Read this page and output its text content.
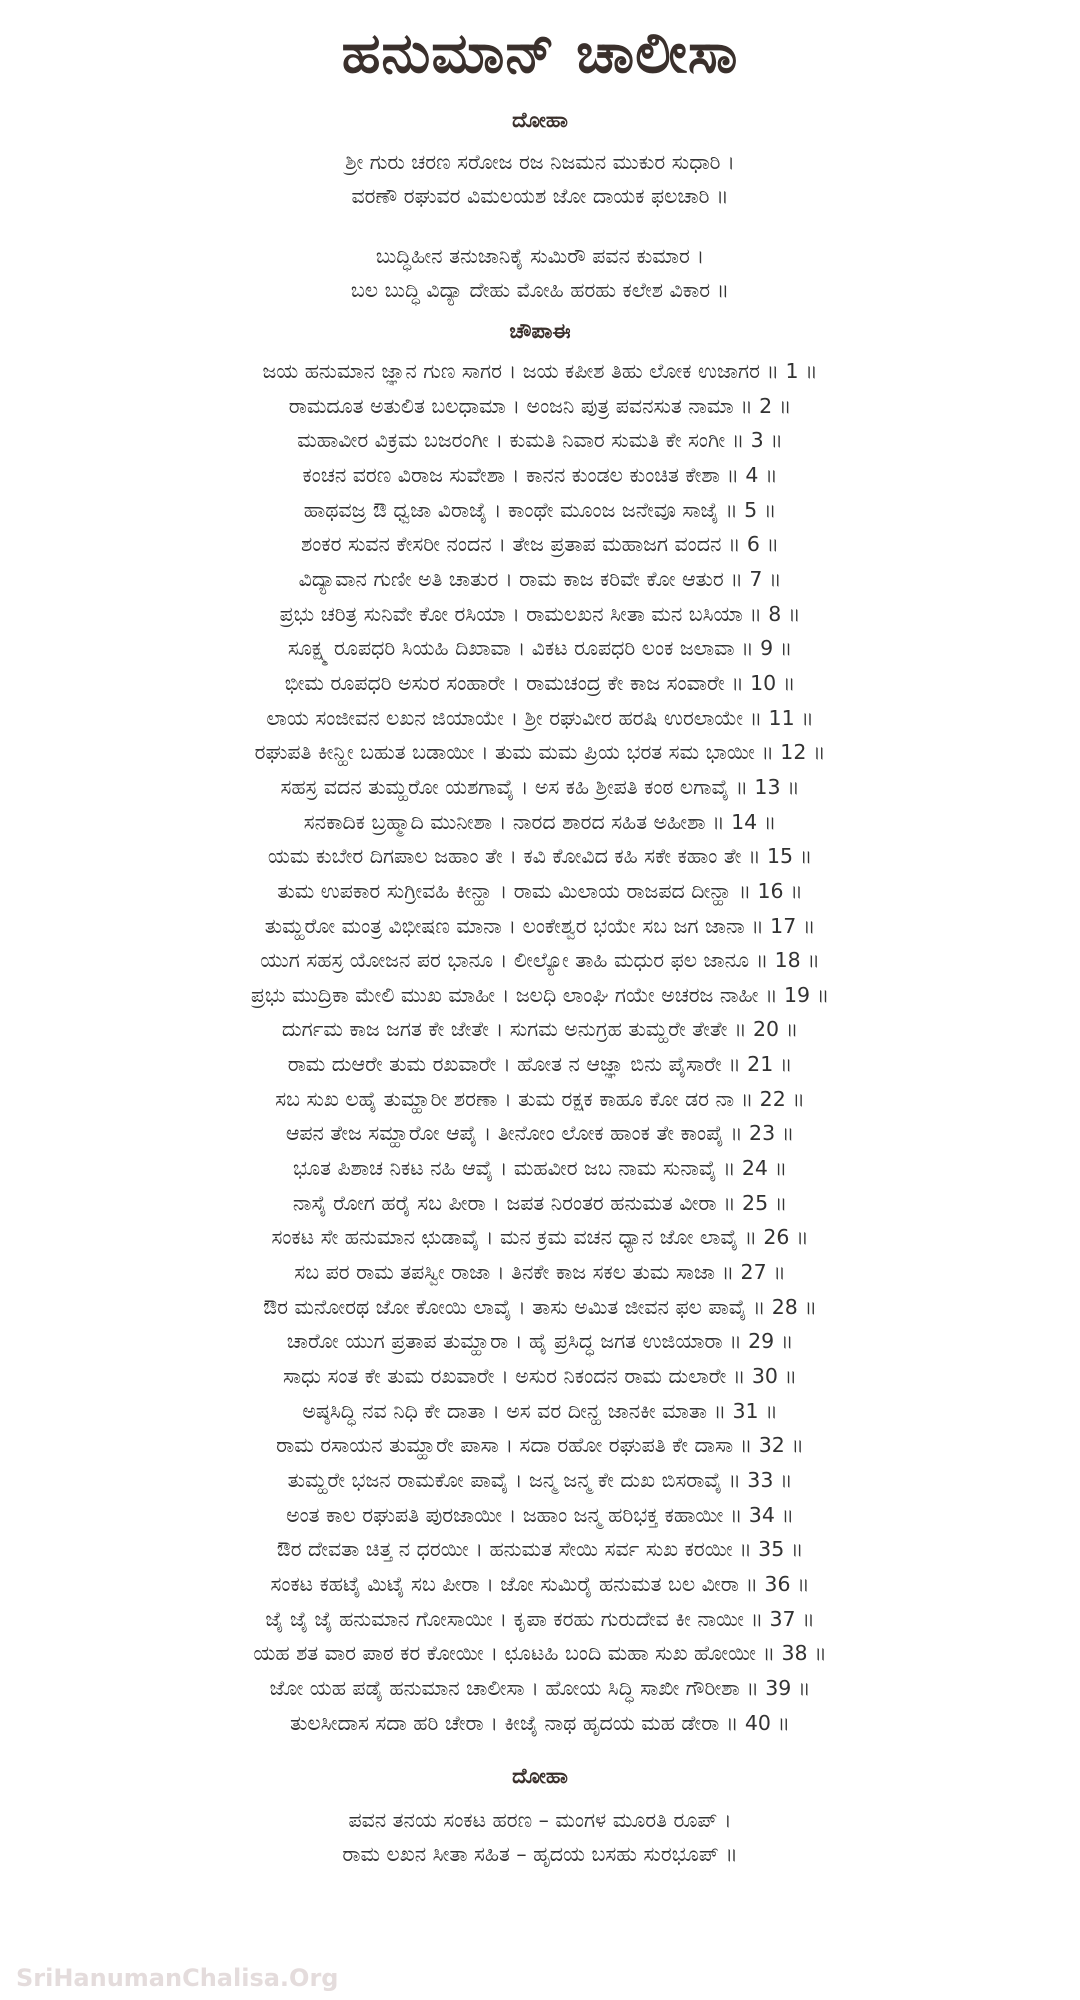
ಹನುಮಾನ್ ಚಾಲೀಸಾ
ದೋಹಾ
ಶ್ರೀ ಗುರು ಚರಣ ಸರೋಜ ರಜ ನಿಜಮನ ಮುಕುರ ಸುಧಾರಿ ।
ವರಣೌ ರಘುವರ ವಿಮಲಯಶ ಜೋ ದಾಯಕ ಫಲಚಾರಿ ॥
ಬುದ್ಧಿಹೀನ ತನುಜಾನಿಕೈ ಸುಮಿರೌ ಪವನ ಕುಮಾರ ।
ಬಲ ಬುದ್ಧಿ ವಿದ್ಯಾ ದೇಹು ಮೋಹಿ ಹರಹು ಕಲೇಶ ವಿಕಾರ ॥
ಚೌಪಾಈ
ಜಯ ಹನುಮಾನ ಜ್ಞಾನ ಗುಣ ಸಾಗರ । ಜಯ ಕಪೀಶ ತಿಹು ಲೋಕ ಉಜಾಗರ ॥ 1 ॥
ರಾಮದೂತ ಅತುಲಿತ ಬಲಧಾಮಾ । ಅಂಜನಿ ಪುತ್ರ ಪವನಸುತ ನಾಮಾ ॥ 2 ॥
ಮಹಾವೀರ ವಿಕ್ರಮ ಬಜರಂಗೀ । ಕುಮತಿ ನಿವಾರ ಸುಮತಿ ಕೇ ಸಂಗೀ ॥ 3 ॥
ಕಂಚನ ವರಣ ವಿರಾಜ ಸುವೇಶಾ । ಕಾನನ ಕುಂಡಲ ಕುಂಚಿತ ಕೇಶಾ ॥ 4 ॥
ಹಾಥವಜ್ರ ಔ ಧ್ವಜಾ ವಿರಾಜೈ । ಕಾಂಥೇ ಮೂಂಜ ಜನೇವೂ ಸಾಜೈ ॥ 5 ॥
ಶಂಕರ ಸುವನ ಕೇಸರೀ ನಂದನ । ತೇಜ ಪ್ರತಾಪ ಮಹಾಜಗ ವಂದನ ॥ 6 ॥
ವಿದ್ಯಾವಾನ ಗುಣೀ ಅತಿ ಚಾತುರ । ರಾಮ ಕಾಜ ಕರಿವೇ ಕೋ ಆತುರ ॥ 7 ॥
ಪ್ರಭು ಚರಿತ್ರ ಸುನಿವೇ ಕೋ ರಸಿಯಾ । ರಾಮಲಖನ ಸೀತಾ ಮನ ಬಸಿಯಾ ॥ 8 ॥
ಸೂಕ್ಷ್ಮ ರೂಪಧರಿ ಸಿಯಹಿ ದಿಖಾವಾ । ವಿಕಟ ರೂಪಧರಿ ಲಂಕ ಜಲಾವಾ ॥ 9 ॥
ಭೀಮ ರೂಪಧರಿ ಅಸುರ ಸಂಹಾರೇ । ರಾಮಚಂದ್ರ ಕೇ ಕಾಜ ಸಂವಾರೇ ॥ 10 ॥
ಲಾಯ ಸಂಜೀವನ ಲಖನ ಜಿಯಾಯೇ । ಶ್ರೀ ರಘುವೀರ ಹರಷಿ ಉರಲಾಯೇ ॥ 11 ॥
ರಘುಪತಿ ಕೀನ್ಹೀ ಬಹುತ ಬಡಾಯೀ । ತುಮ ಮಮ ಪ್ರಿಯ ಭರತ ಸಮ ಭಾಯೀ ॥ 12 ॥
ಸಹಸ್ರ ವದನ ತುಮ್ಹರೋ ಯಶಗಾವೈ । ಅಸ ಕಹಿ ಶ್ರೀಪತಿ ಕಂಠ ಲಗಾವೈ ॥ 13 ॥
ಸನಕಾದಿಕ ಬ್ರಹ್ಮಾದಿ ಮುನೀಶಾ । ನಾರದ ಶಾರದ ಸಹಿತ ಅಹೀಶಾ ॥ 14 ॥
ಯಮ ಕುಬೇರ ದಿಗಪಾಲ ಜಹಾಂ ತೇ । ಕವಿ ಕೋವಿದ ಕಹಿ ಸಕೇ ಕಹಾಂ ತೇ ॥ 15 ॥
ತುಮ ಉಪಕಾರ ಸುಗ್ರೀವಹಿ ಕೀನ್ಹಾ । ರಾಮ ಮಿಲಾಯ ರಾಜಪದ ದೀನ್ಹಾ ॥ 16 ॥
ತುಮ್ಹರೋ ಮಂತ್ರ ವಿಭೀಷಣ ಮಾನಾ । ಲಂಕೇಶ್ವರ ಭಯೇ ಸಬ ಜಗ ಜಾನಾ ॥ 17 ॥
ಯುಗ ಸಹಸ್ರ ಯೋಜನ ಪರ ಭಾನೂ । ಲೀಲ್ಯೋ ತಾಹಿ ಮಧುರ ಫಲ ಜಾನೂ ॥ 18 ॥
ಪ್ರಭು ಮುದ್ರಿಕಾ ಮೇಲಿ ಮುಖ ಮಾಹೀ । ಜಲಧಿ ಲಾಂಘಿ ಗಯೇ ಅಚರಜ ನಾಹೀ ॥ 19 ॥
ದುರ್ಗಮ ಕಾಜ ಜಗತ ಕೇ ಜೇತೇ । ಸುಗಮ ಅನುಗ್ರಹ ತುಮ್ಹರೇ ತೇತೇ ॥ 20 ॥
ರಾಮ ದುಆರೇ ತುಮ ರಖವಾರೇ । ಹೋತ ನ ಆಜ್ಞಾ ಬಿನು ಪೈಸಾರೇ ॥ 21 ॥
ಸಬ ಸುಖ ಲಹೈ ತುಮ್ಹಾರೀ ಶರಣಾ । ತುಮ ರಕ್ಷಕ ಕಾಹೂ ಕೋ ಡರ ನಾ ॥ 22 ॥
ಆಪನ ತೇಜ ಸಮ್ಹಾರೋ ಆಪೈ । ತೀನೋಂ ಲೋಕ ಹಾಂಕ ತೇ ಕಾಂಪೈ ॥ 23 ॥
ಭೂತ ಪಿಶಾಚ ನಿಕಟ ನಹಿ ಆವೈ । ಮಹವೀರ ಜಬ ನಾಮ ಸುನಾವೈ ॥ 24 ॥
ನಾಸೈ ರೋಗ ಹರೈ ಸಬ ಪೀರಾ । ಜಪತ ನಿರಂತರ ಹನುಮತ ವೀರಾ ॥ 25 ॥
ಸಂಕಟ ಸೇ ಹನುಮಾನ ಛುಡಾವೈ । ಮನ ಕ್ರಮ ವಚನ ಧ್ಯಾನ ಜೋ ಲಾವೈ ॥ 26 ॥
ಸಬ ಪರ ರಾಮ ತಪಸ್ವೀ ರಾಜಾ । ತಿನಕೇ ಕಾಜ ಸಕಲ ತುಮ ಸಾಜಾ ॥ 27 ॥
ಔರ ಮನೋರಥ ಜೋ ಕೋಯಿ ಲಾವೈ । ತಾಸು ಅಮಿತ ಜೀವನ ಫಲ ಪಾವೈ ॥ 28 ॥
ಚಾರೋ ಯುಗ ಪ್ರತಾಪ ತುಮ್ಹಾರಾ । ಹೈ ಪ್ರಸಿದ್ಧ ಜಗತ ಉಜಿಯಾರಾ ॥ 29 ॥
ಸಾಧು ಸಂತ ಕೇ ತುಮ ರಖವಾರೇ । ಅಸುರ ನಿಕಂದನ ರಾಮ ದುಲಾರೇ ॥ 30 ॥
ಅಷ್ಠಸಿದ್ಧಿ ನವ ನಿಧಿ ಕೇ ದಾತಾ । ಅಸ ವರ ದೀನ್ಹ ಜಾನಕೀ ಮಾತಾ ॥ 31 ॥
ರಾಮ ರಸಾಯನ ತುಮ್ಹಾರೇ ಪಾಸಾ । ಸದಾ ರಹೋ ರಘುಪತಿ ಕೇ ದಾಸಾ ॥ 32 ॥
ತುಮ್ಹರೇ ಭಜನ ರಾಮಕೋ ಪಾವೈ । ಜನ್ಮ ಜನ್ಮ ಕೇ ದುಖ ಬಿಸರಾವೈ ॥ 33 ॥
ಅಂತ ಕಾಲ ರಘುಪತಿ ಪುರಜಾಯೀ । ಜಹಾಂ ಜನ್ಮ ಹರಿಭಕ್ತ ಕಹಾಯೀ ॥ 34 ॥
ಔರ ದೇವತಾ ಚಿತ್ತ ನ ಧರಯೀ । ಹನುಮತ ಸೇಯಿ ಸರ್ವ ಸುಖ ಕರಯೀ ॥ 35 ॥
ಸಂಕಟ ಕಹಟೈ ಮಿಟೈ ಸಬ ಪೀರಾ । ಜೋ ಸುಮಿರೈ ಹನುಮತ ಬಲ ವೀರಾ ॥ 36 ॥
ಜೈ ಜೈ ಜೈ ಹನುಮಾನ ಗೋಸಾಯೀ । ಕೃಪಾ ಕರಹು ಗುರುದೇವ ಕೀ ನಾಯೀ ॥ 37 ॥
ಯಹ ಶತ ವಾರ ಪಾಠ ಕರ ಕೋಯೀ । ಛೂಟಹಿ ಬಂದಿ ಮಹಾ ಸುಖ ಹೋಯೀ ॥ 38 ॥
ಜೋ ಯಹ ಪಡೈ ಹನುಮಾನ ಚಾಲೀಸಾ । ಹೋಯ ಸಿದ್ಧಿ ಸಾಖೀ ಗೌರೀಶಾ ॥ 39 ॥
ತುಲಸೀದಾಸ ಸದಾ ಹರಿ ಚೇರಾ । ಕೀಜೈ ನಾಥ ಹೃದಯ ಮಹ ಡೇರಾ ॥ 40 ॥
ದೋಹಾ
ಪವನ ತನಯ ಸಂಕಟ ಹರಣ – ಮಂಗಳ ಮೂರತಿ ರೂಪ್ ।
ರಾಮ ಲಖನ ಸೀತಾ ಸಹಿತ – ಹೃದಯ ಬಸಹು ಸುರಭೂಪ್ ॥
SriHanumanChalisa.Org
